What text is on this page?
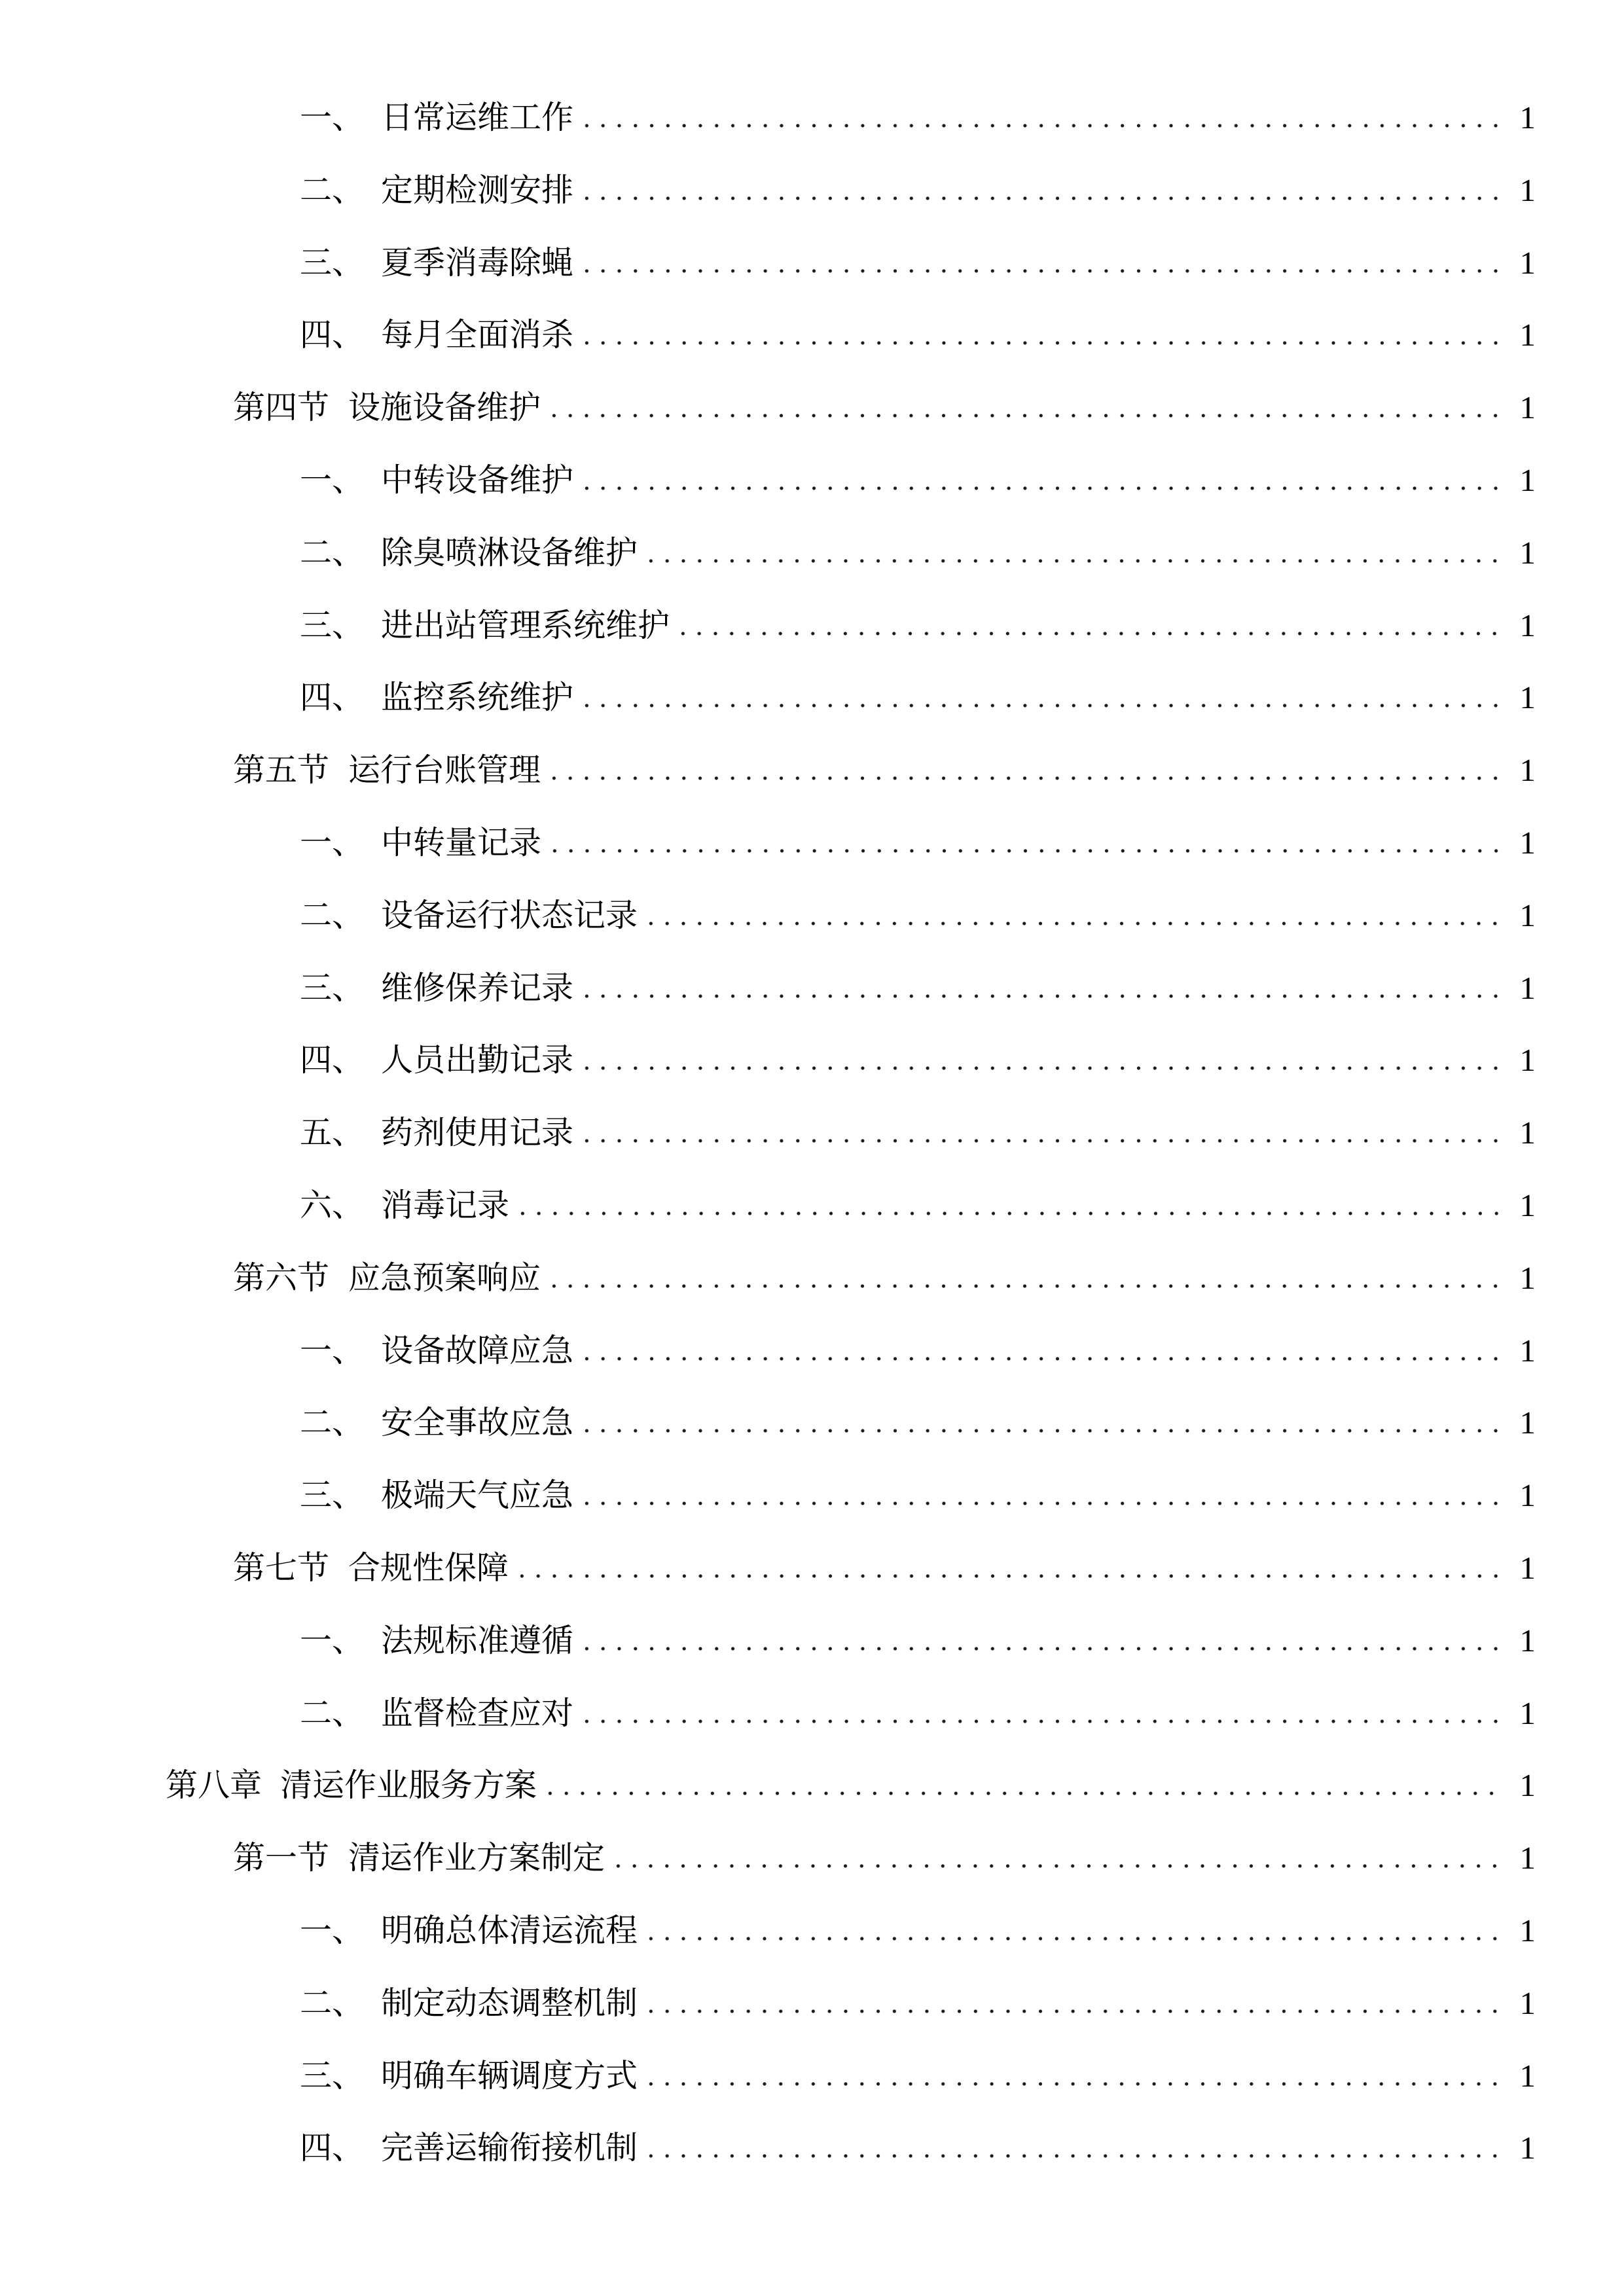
一、 日常运维工作	1
二、 定期检测安排	1
三、 夏季消毒除蝇	1
四、 每月全面消杀	1
第四节 设施设备维护	1
一、 中转设备维护	1
二、 除臭喷淋设备维护	1
三、 进出站管理系统维护	1
四、 监控系统维护	1
第五节 运行台账管理	1
一、 中转量记录	1
二、 设备运行状态记录	1
三、 维修保养记录	1
四、 人员出勤记录	1
五、 药剂使用记录	1
六、 消毒记录	1
第六节 应急预案响应	1
一、 设备故障应急	1
二、 安全事故应急	1
三、 极端天气应急	1
第七节 合规性保障	1
一、 法规标准遵循	1
二、 监督检查应对	1
第八章 清运作业服务方案	1
第一节 清运作业方案制定	1
一、 明确总体清运流程	1
二、 制定动态调整机制	1
三、 明确车辆调度方式	1
四、 完善运输衔接机制	1
